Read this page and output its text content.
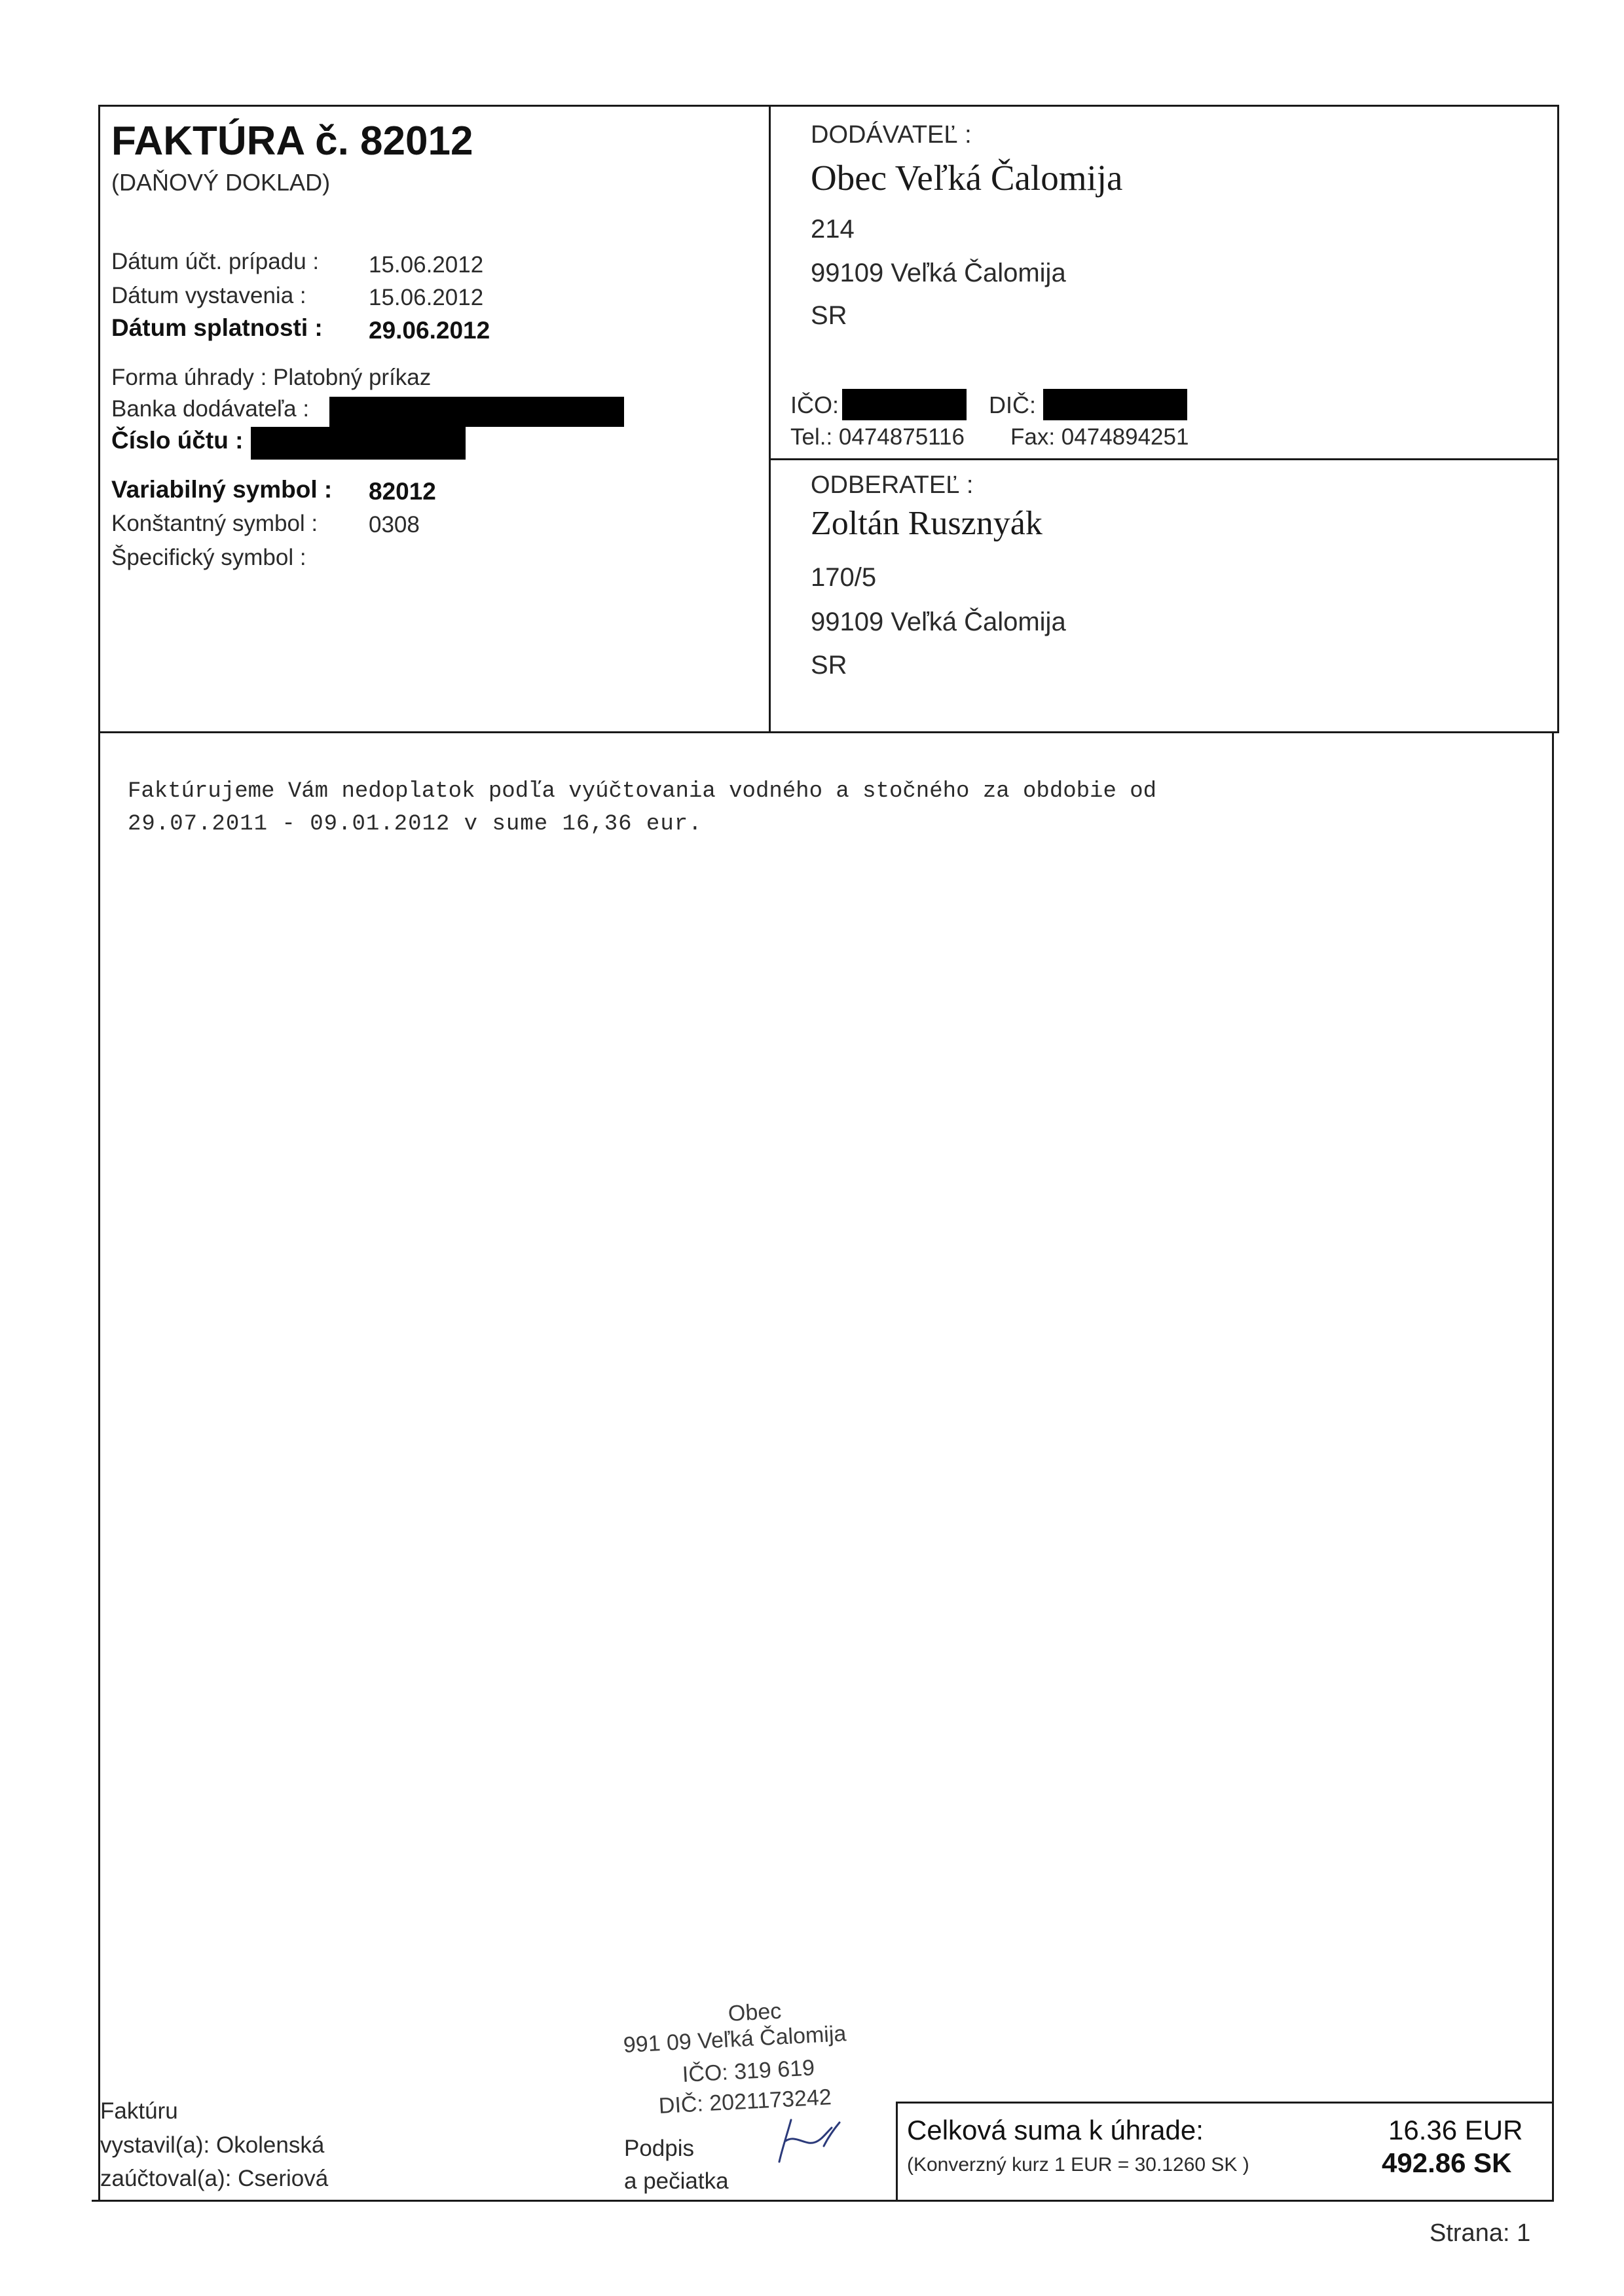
FAKTÚRA č. 82012
(DAŇOVÝ DOKLAD)
Dátum účt. prípadu : 15.06.2012
Dátum vystavenia :	15.06.2012
Dátum splatnosti : 29.06.2012
Forma úhrady : Platobný príkaz
Banka dodávateľa :
Číslo účtu :
Variabilný symbol : 82012
Konštantný symbol : 0308
Špecifický symbol :
DODÁVATEĽ :
Obec Veľká Čalomija
214
99109 Veľká Čalomija
SR
IČO:	DIČ:
Tel.: 0474875116 Fax: 0474894251
ODBERATEĽ :
Zoltán Rusznyák
170/5
99109 Veľká Čalomija
SR
Faktúrujeme Vám nedoplatok podľa vyúčtovania vodného a stočného za obdobie od
29.07.2011 - 09.01.2012 v sume 16,36 eur.
Obec
991 09 Veľká Čalomija
IČO: 319 619
DIČ: 2021173242
Faktúru
vystavil(a): Okolenská
zaúčtoval(a): Cseriová
Podpis
a pečiatka
Celková suma k úhrade:
(Konverzný kurz 1 EUR = 30.1260 SK )
16.36 EUR
492.86 SK
Strana: 1
